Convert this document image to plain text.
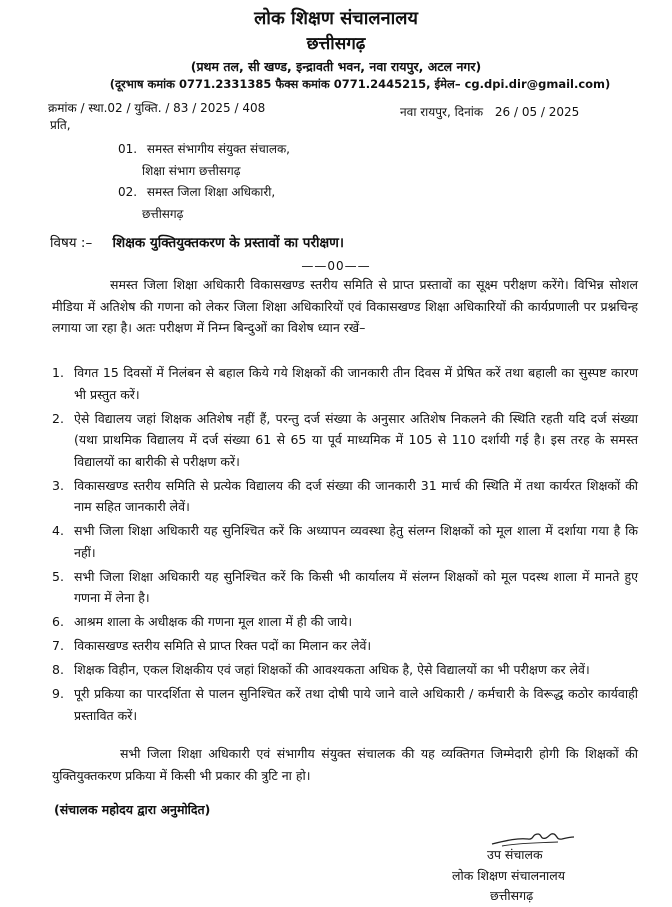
लोक शिक्षण संचालनालय
छत्तीसगढ़
(प्रथम तल, सी खण्ड, इन्द्रावती भवन, नवा रायपुर, अटल नगर)
(दूरभाष कमांक 0771.2331385 फैक्स कमांक 0771.2445215, ईमेल– cg.dpi.dir@gmail.com)
क्रमांक / स्था.02 / युक्ति. / 83 / 2025 / 408	नवा रायपुर, दिनांक 26 / 05 / 2025
प्रति,
01. समस्त संभागीय संयुक्त संचालक,
शिक्षा संभाग छत्तीसगढ़
02. समस्त जिला शिक्षा अधिकारी,
छत्तीसगढ़
विषय :– शिक्षक युक्तियुक्तकरण के प्रस्तावों का परीक्षण।
——00——
समस्त जिला शिक्षा अधिकारी विकासखण्ड स्तरीय समिति से प्राप्त प्रस्तावों का सूक्ष्म परीक्षण करेंगे। विभिन्न सोशल मीडिया में अतिशेष की गणना को लेकर जिला शिक्षा अधिकारियों एवं विकासखण्ड शिक्षा अधिकारियों की कार्यप्रणाली पर प्रश्नचिन्ह लगाया जा रहा है। अतः परीक्षण में निम्न बिन्दुओं का विशेष ध्यान रखें–
1. विगत 15 दिवसों में निलंबन से बहाल किये गये शिक्षकों की जानकारी तीन दिवस में प्रेषित करें तथा बहाली का सुस्पष्ट कारण भी प्रस्तुत करें।
2. ऐसे विद्यालय जहां शिक्षक अतिशेष नहीं हैं, परन्तु दर्ज संख्या के अनुसार अतिशेष निकलने की स्थिति रहती यदि दर्ज संख्या (यथा प्राथमिक विद्यालय में दर्ज संख्या 61 से 65 या पूर्व माध्यमिक में 105 से 110 दर्शायी गई है। इस तरह के समस्त विद्यालयों का बारीकी से परीक्षण करें।
3. विकासखण्ड स्तरीय समिति से प्रत्येक विद्यालय की दर्ज संख्या की जानकारी 31 मार्च की स्थिति में तथा कार्यरत शिक्षकों की नाम सहित जानकारी लेवें।
4. सभी जिला शिक्षा अधिकारी यह सुनिश्चित करें कि अध्यापन व्यवस्था हेतु संलग्न शिक्षकों को मूल शाला में दर्शाया गया है कि नहीं।
5. सभी जिला शिक्षा अधिकारी यह सुनिश्चित करें कि किसी भी कार्यालय में संलग्न शिक्षकों को मूल पदस्थ शाला में मानते हुए गणना में लेना है।
6. आश्रम शाला के अधीक्षक की गणना मूल शाला में ही की जाये।
7. विकासखण्ड स्तरीय समिति से प्राप्त रिक्त पदों का मिलान कर लेवें।
8. शिक्षक विहीन, एकल शिक्षकीय एवं जहां शिक्षकों की आवश्यकता अधिक है, ऐसे विद्यालयों का भी परीक्षण कर लेवें।
9. पूरी प्रकिया का पारदर्शिता से पालन सुनिश्चित करें तथा दोषी पाये जाने वाले अधिकारी / कर्मचारी के विरूद्ध कठोर कार्यवाही प्रस्तावित करें।
सभी जिला शिक्षा अधिकारी एवं संभागीय संयुक्त संचालक की यह व्यक्तिगत जिम्मेदारी होगी कि शिक्षकों की युक्तियुक्तकरण प्रकिया में किसी भी प्रकार की त्रुटि ना हो।
(संचालक महोदय द्वारा अनुमोदित)
उप संचालक
लोक शिक्षण संचालनालय
छत्तीसगढ़
